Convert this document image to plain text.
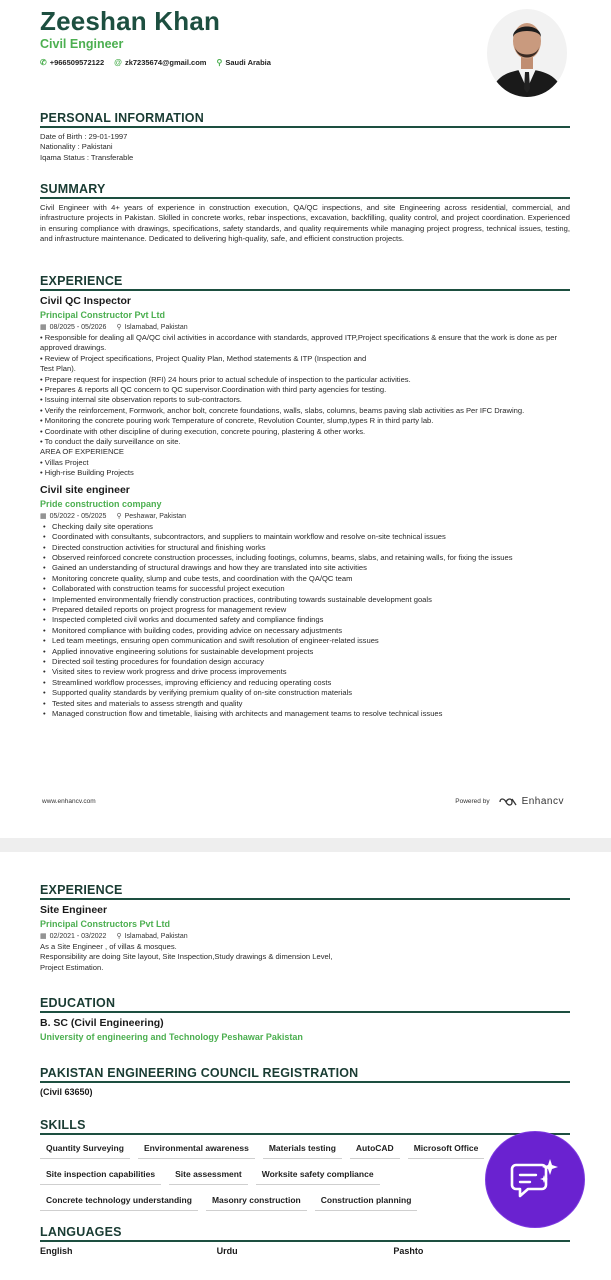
Zeeshan Khan
Civil Engineer
✆ +966509572122 @ zk7235674@gmail.com ⚲ Saudi Arabia
PERSONAL INFORMATION
Date of Birth : 29-01-1997
Nationality : Pakistani
Iqama Status : Transferable
SUMMARY
Civil Engineer with 4+ years of experience in construction execution, QA/QC inspections, and site Engineering across residential, commercial, and infrastructure projects in Pakistan. Skilled in concrete works, rebar inspections, excavation, backfilling, quality control, and project coordination. Experienced in ensuring compliance with drawings, specifications, safety standards, and quality requirements while managing project progress, technical issues, testing, and infrastructure maintenance. Dedicated to delivering high-quality, safe, and efficient construction projects.
EXPERIENCE
Civil QC Inspector
Principal Constructor Pvt Ltd
▦ 08/2025 - 05/2026 ⚲ Islamabad, Pakistan
• Responsible for dealing all QA/QC civil activities in accordance with standards, approved ITP,Project specifications & ensure that the work is done as per approved drawings.
• Review of Project specifications, Project Quality Plan, Method statements & ITP (Inspection and
Test Plan).
• Prepare request for inspection (RFI) 24 hours prior to actual schedule of inspection to the particular activities.
• Prepares & reports all QC concern to QC supervisor.Coordination with third party agencies for testing.
• Issuing internal site observation reports to sub-contractors.
• Verify the reinforcement, Formwork, anchor bolt, concrete foundations, walls, slabs, columns, beams paving slab activities as Per IFC Drawing.
• Monitoring the concrete pouring work Temperature of concrete, Revolution Counter, slump,types R in third party lab.
• Coordinate with other discipline of during execution, concrete pouring, plastering & other works.
• To conduct the daily surveillance on site.
AREA OF EXPERIENCE
• Villas Project
• High-rise Building Projects
Civil site engineer
Pride construction company
▦ 05/2022 - 05/2025 ⚲ Peshawar, Pakistan
• Checking daily site operations
• Coordinated with consultants, subcontractors, and suppliers to maintain workflow and resolve on-site technical issues
• Directed construction activities for structural and finishing works
• Observed reinforced concrete construction processes, including footings, columns, beams, slabs, and retaining walls, for fixing the issues
• Gained an understanding of structural drawings and how they are translated into site activities
• Monitoring concrete quality, slump and cube tests, and coordination with the QA/QC team
• Collaborated with construction teams for successful project execution
• Implemented environmentally friendly construction practices, contributing towards sustainable development goals
• Prepared detailed reports on project progress for management review
• Inspected completed civil works and documented safety and compliance findings
• Monitored compliance with building codes, providing advice on necessary adjustments
• Led team meetings, ensuring open communication and swift resolution of engineer-related issues
• Applied innovative engineering solutions for sustainable development projects
• Directed soil testing procedures for foundation design accuracy
• Visited sites to review work progress and drive process improvements
• Streamlined workflow processes, improving efficiency and reducing operating costs
• Supported quality standards by verifying premium quality of on-site construction materials
• Tested sites and materials to assess strength and quality
• Managed construction flow and timetable, liaising with architects and management teams to resolve technical issues
www.enhancv.com	Powered by	Enhancv
EXPERIENCE
Site Engineer
Principal Constructors Pvt Ltd
▦ 02/2021 - 03/2022 ⚲ Islamabad, Pakistan
As a Site Engineer , of villas & mosques.
Responsibility are doing Site layout, Site Inspection,Study drawings & dimension Level,
Project Estimation.
EDUCATION
B. SC (Civil Engineering)
University of engineering and Technology Peshawar Pakistan
PAKISTAN ENGINEERING COUNCIL REGISTRATION
(Civil 63650)
SKILLS
Quantity Surveying	Environmental awareness	Materials testing	AutoCAD	Microsoft Office
Site inspection capabilities	Site assessment	Worksite safety compliance
Concrete technology understanding	Masonry construction	Construction planning
LANGUAGES
English	Urdu	Pashto
